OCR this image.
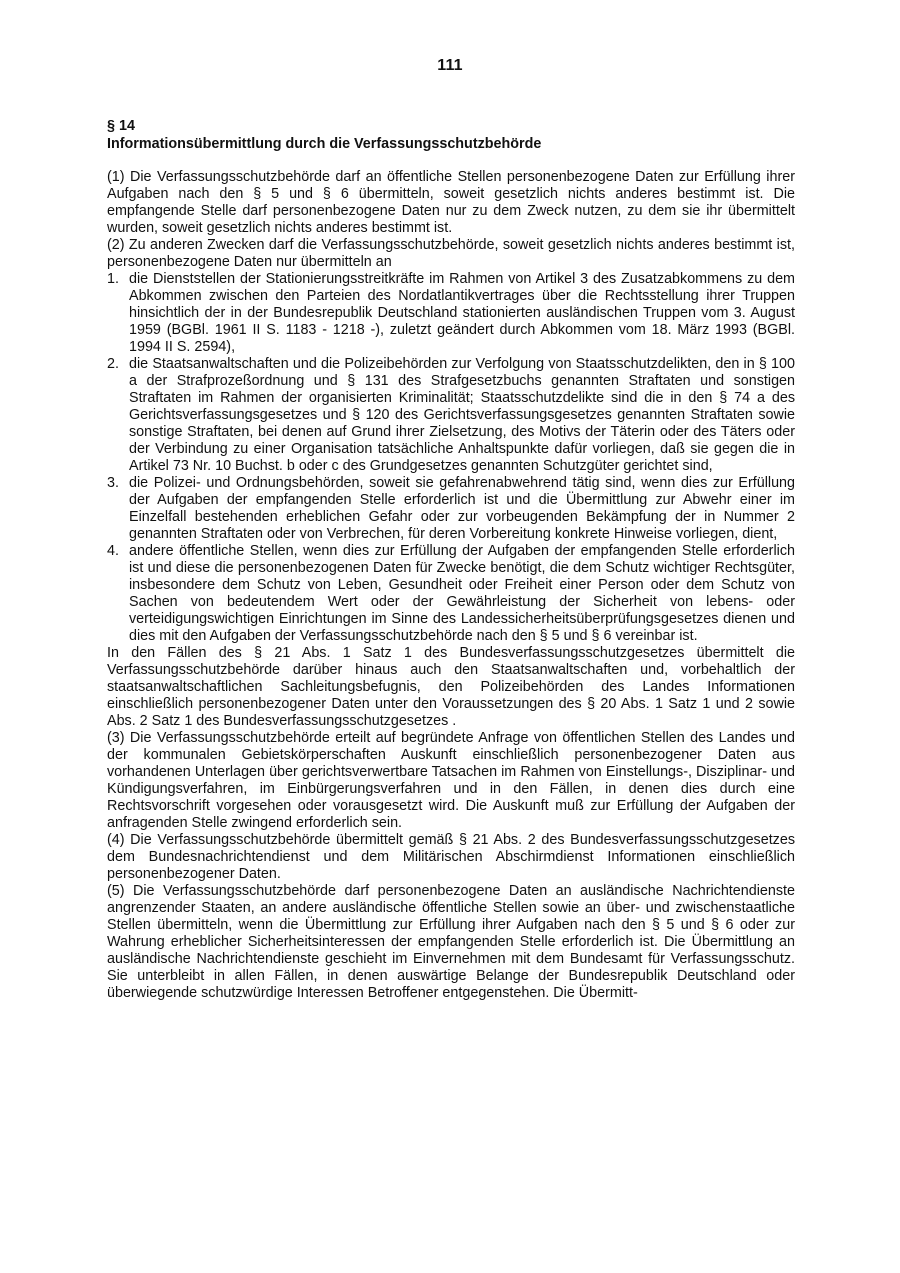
111

§ 14

Informationsübermittlung durch die Verfassungsschutzbehörde

(1) Die Verfassungsschutzbehörde darf an öffentliche Stellen personenbezogene Daten zur Erfüllung ihrer Aufgaben nach den § 5 und § 6 übermitteln, soweit gesetzlich nichts anderes bestimmt ist. Die empfangende Stelle darf personenbezogene Daten nur zu dem Zweck nutzen, zu dem sie ihr übermittelt wurden, soweit gesetzlich nichts anderes bestimmt ist.

(2) Zu anderen Zwecken darf die Verfassungsschutzbehörde, soweit gesetzlich nichts anderes bestimmt ist, personenbezogene Daten nur übermitteln an

1. die Dienststellen der Stationierungsstreitkräfte im Rahmen von Artikel 3 des Zusatzabkommens zu dem Abkommen zwischen den Parteien des Nordatlantikvertrages über die Rechtsstellung ihrer Truppen hinsichtlich der in der Bundesrepublik Deutschland stationierten ausländischen Truppen vom 3. August 1959 (BGBl. 1961 II S. 1183 - 1218 -), zuletzt geändert durch Abkommen vom 18. März 1993 (BGBl. 1994 II S. 2594),
2. die Staatsanwaltschaften und die Polizeibehörden zur Verfolgung von Staatsschutzdelikten, den in § 100 a der Strafprozeßordnung und § 131 des Strafgesetzbuchs genannten Straftaten und sonstigen Straftaten im Rahmen der organisierten Kriminalität; Staatsschutzdelikte sind die in den § 74 a des Gerichtsverfassungsgesetzes und § 120 des Gerichtsverfassungsgesetzes genannten Straftaten sowie sonstige Straftaten, bei denen auf Grund ihrer Zielsetzung, des Motivs der Täterin oder des Täters oder der Verbindung zu einer Organisation tatsächliche Anhaltspunkte dafür vorliegen, daß sie gegen die in Artikel 73 Nr. 10 Buchst. b oder c des Grundgesetzes genannten Schutzgüter gerichtet sind,
3. die Polizei- und Ordnungsbehörden, soweit sie gefahrenabwehrend tätig sind, wenn dies zur Erfüllung der Aufgaben der empfangenden Stelle erforderlich ist und die Übermittlung zur Abwehr einer im Einzelfall bestehenden erheblichen Gefahr oder zur vorbeugenden Bekämpfung der in Nummer 2 genannten Straftaten oder von Verbrechen, für deren Vorbereitung konkrete Hinweise vorliegen, dient,
4. andere öffentliche Stellen, wenn dies zur Erfüllung der Aufgaben der empfangenden Stelle erforderlich ist und diese die personenbezogenen Daten für Zwecke benötigt, die dem Schutz wichtiger Rechtsgüter, insbesondere dem Schutz von Leben, Gesundheit oder Freiheit einer Person oder dem Schutz von Sachen von bedeutendem Wert oder der Gewährleistung der Sicherheit von lebens- oder verteidigungswichtigen Einrichtungen im Sinne des Landessicherheitsüberprüfungsgesetzes dienen und dies mit den Aufgaben der Verfassungsschutzbehörde nach den § 5 und § 6 vereinbar ist.

In den Fällen des § 21 Abs. 1 Satz 1 des Bundesverfassungsschutzgesetzes übermittelt die Verfassungsschutzbehörde darüber hinaus auch den Staatsanwaltschaften und, vorbehaltlich der staatsanwaltschaftlichen Sachleitungsbefugnis, den Polizeibehörden des Landes Informationen einschließlich personenbezogener Daten unter den Voraussetzungen des § 20 Abs. 1 Satz 1 und 2 sowie Abs. 2 Satz 1 des Bundesverfassungsschutzgesetzes .

(3) Die Verfassungsschutzbehörde erteilt auf begründete Anfrage von öffentlichen Stellen des Landes und der kommunalen Gebietskörperschaften Auskunft einschließlich personenbezogener Daten aus vorhandenen Unterlagen über gerichtsverwertbare Tatsachen im Rahmen von Einstellungs-, Disziplinar- und Kündigungsverfahren, im Einbürgerungsverfahren und in den Fällen, in denen dies durch eine Rechtsvorschrift vorgesehen oder vorausgesetzt wird. Die Auskunft muß zur Erfüllung der Aufgaben der anfragenden Stelle zwingend erforderlich sein.

(4) Die Verfassungsschutzbehörde übermittelt gemäß § 21 Abs. 2 des Bundesverfassungsschutzgesetzes dem Bundesnachrichtendienst und dem Militärischen Abschirmdienst Informationen einschließlich personenbezogener Daten.

(5) Die Verfassungsschutzbehörde darf personenbezogene Daten an ausländische Nachrichtendienste angrenzender Staaten, an andere ausländische öffentliche Stellen sowie an über- und zwischenstaatliche Stellen übermitteln, wenn die Übermittlung zur Erfüllung ihrer Aufgaben nach den § 5 und § 6 oder zur Wahrung erheblicher Sicherheitsinteressen der empfangenden Stelle erforderlich ist. Die Übermittlung an ausländische Nachrichtendienste geschieht im Einvernehmen mit dem Bundesamt für Verfassungsschutz. Sie unterbleibt in allen Fällen, in denen auswärtige Belange der Bundesrepublik Deutschland oder überwiegende schutzwürdige Interessen Betroffener entgegenstehen. Die Übermitt-
